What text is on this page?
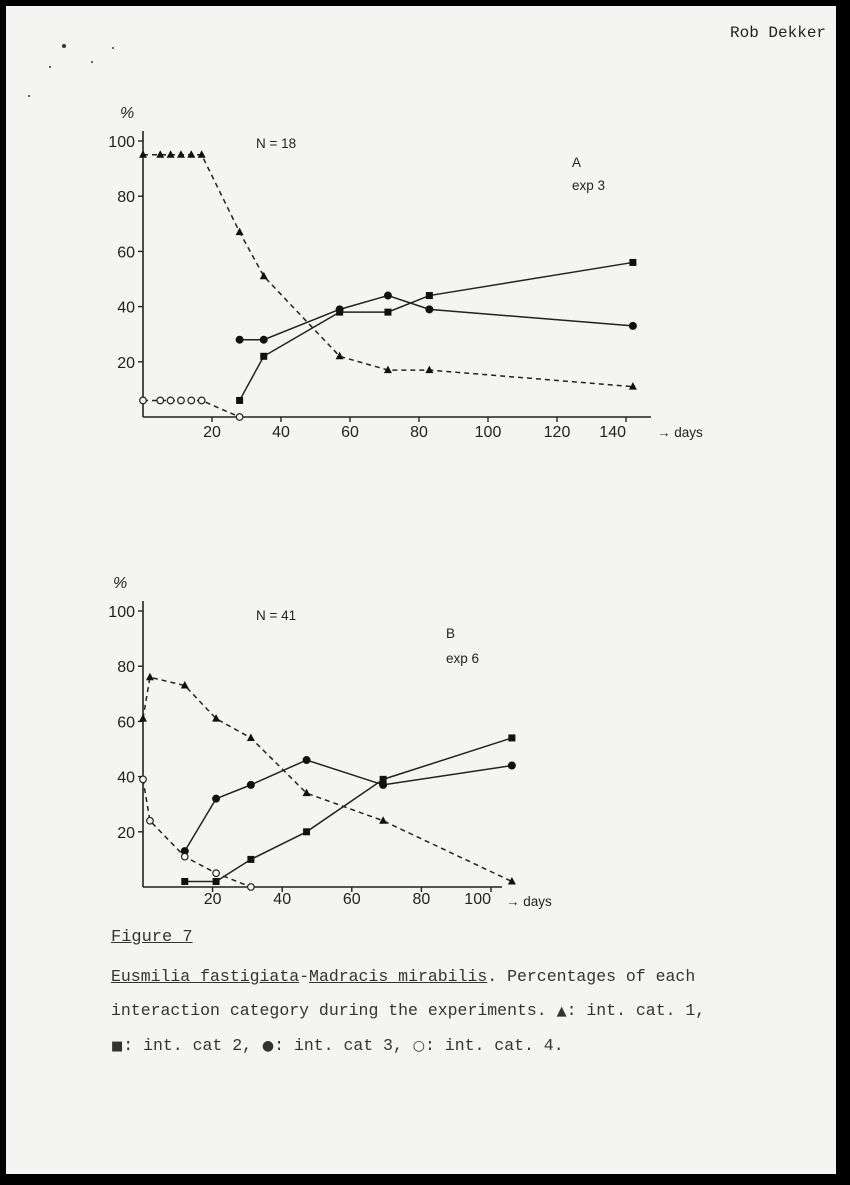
Rob Dekker
20
40
60
80
100
20	40	60	80	100	120 140
%
→ days
N = 18
A
exp 3
20
40
60
80
100
20	40	60	80 100
%
→ days
N = 41
B
exp 6
Figure 7
Eusmilia fastigiata-Madracis mirabilis. Percentages of each interaction category during the experiments. ▲: int. cat. 1,
■: int. cat 2, ●: int. cat 3, ○: int. cat. 4.
